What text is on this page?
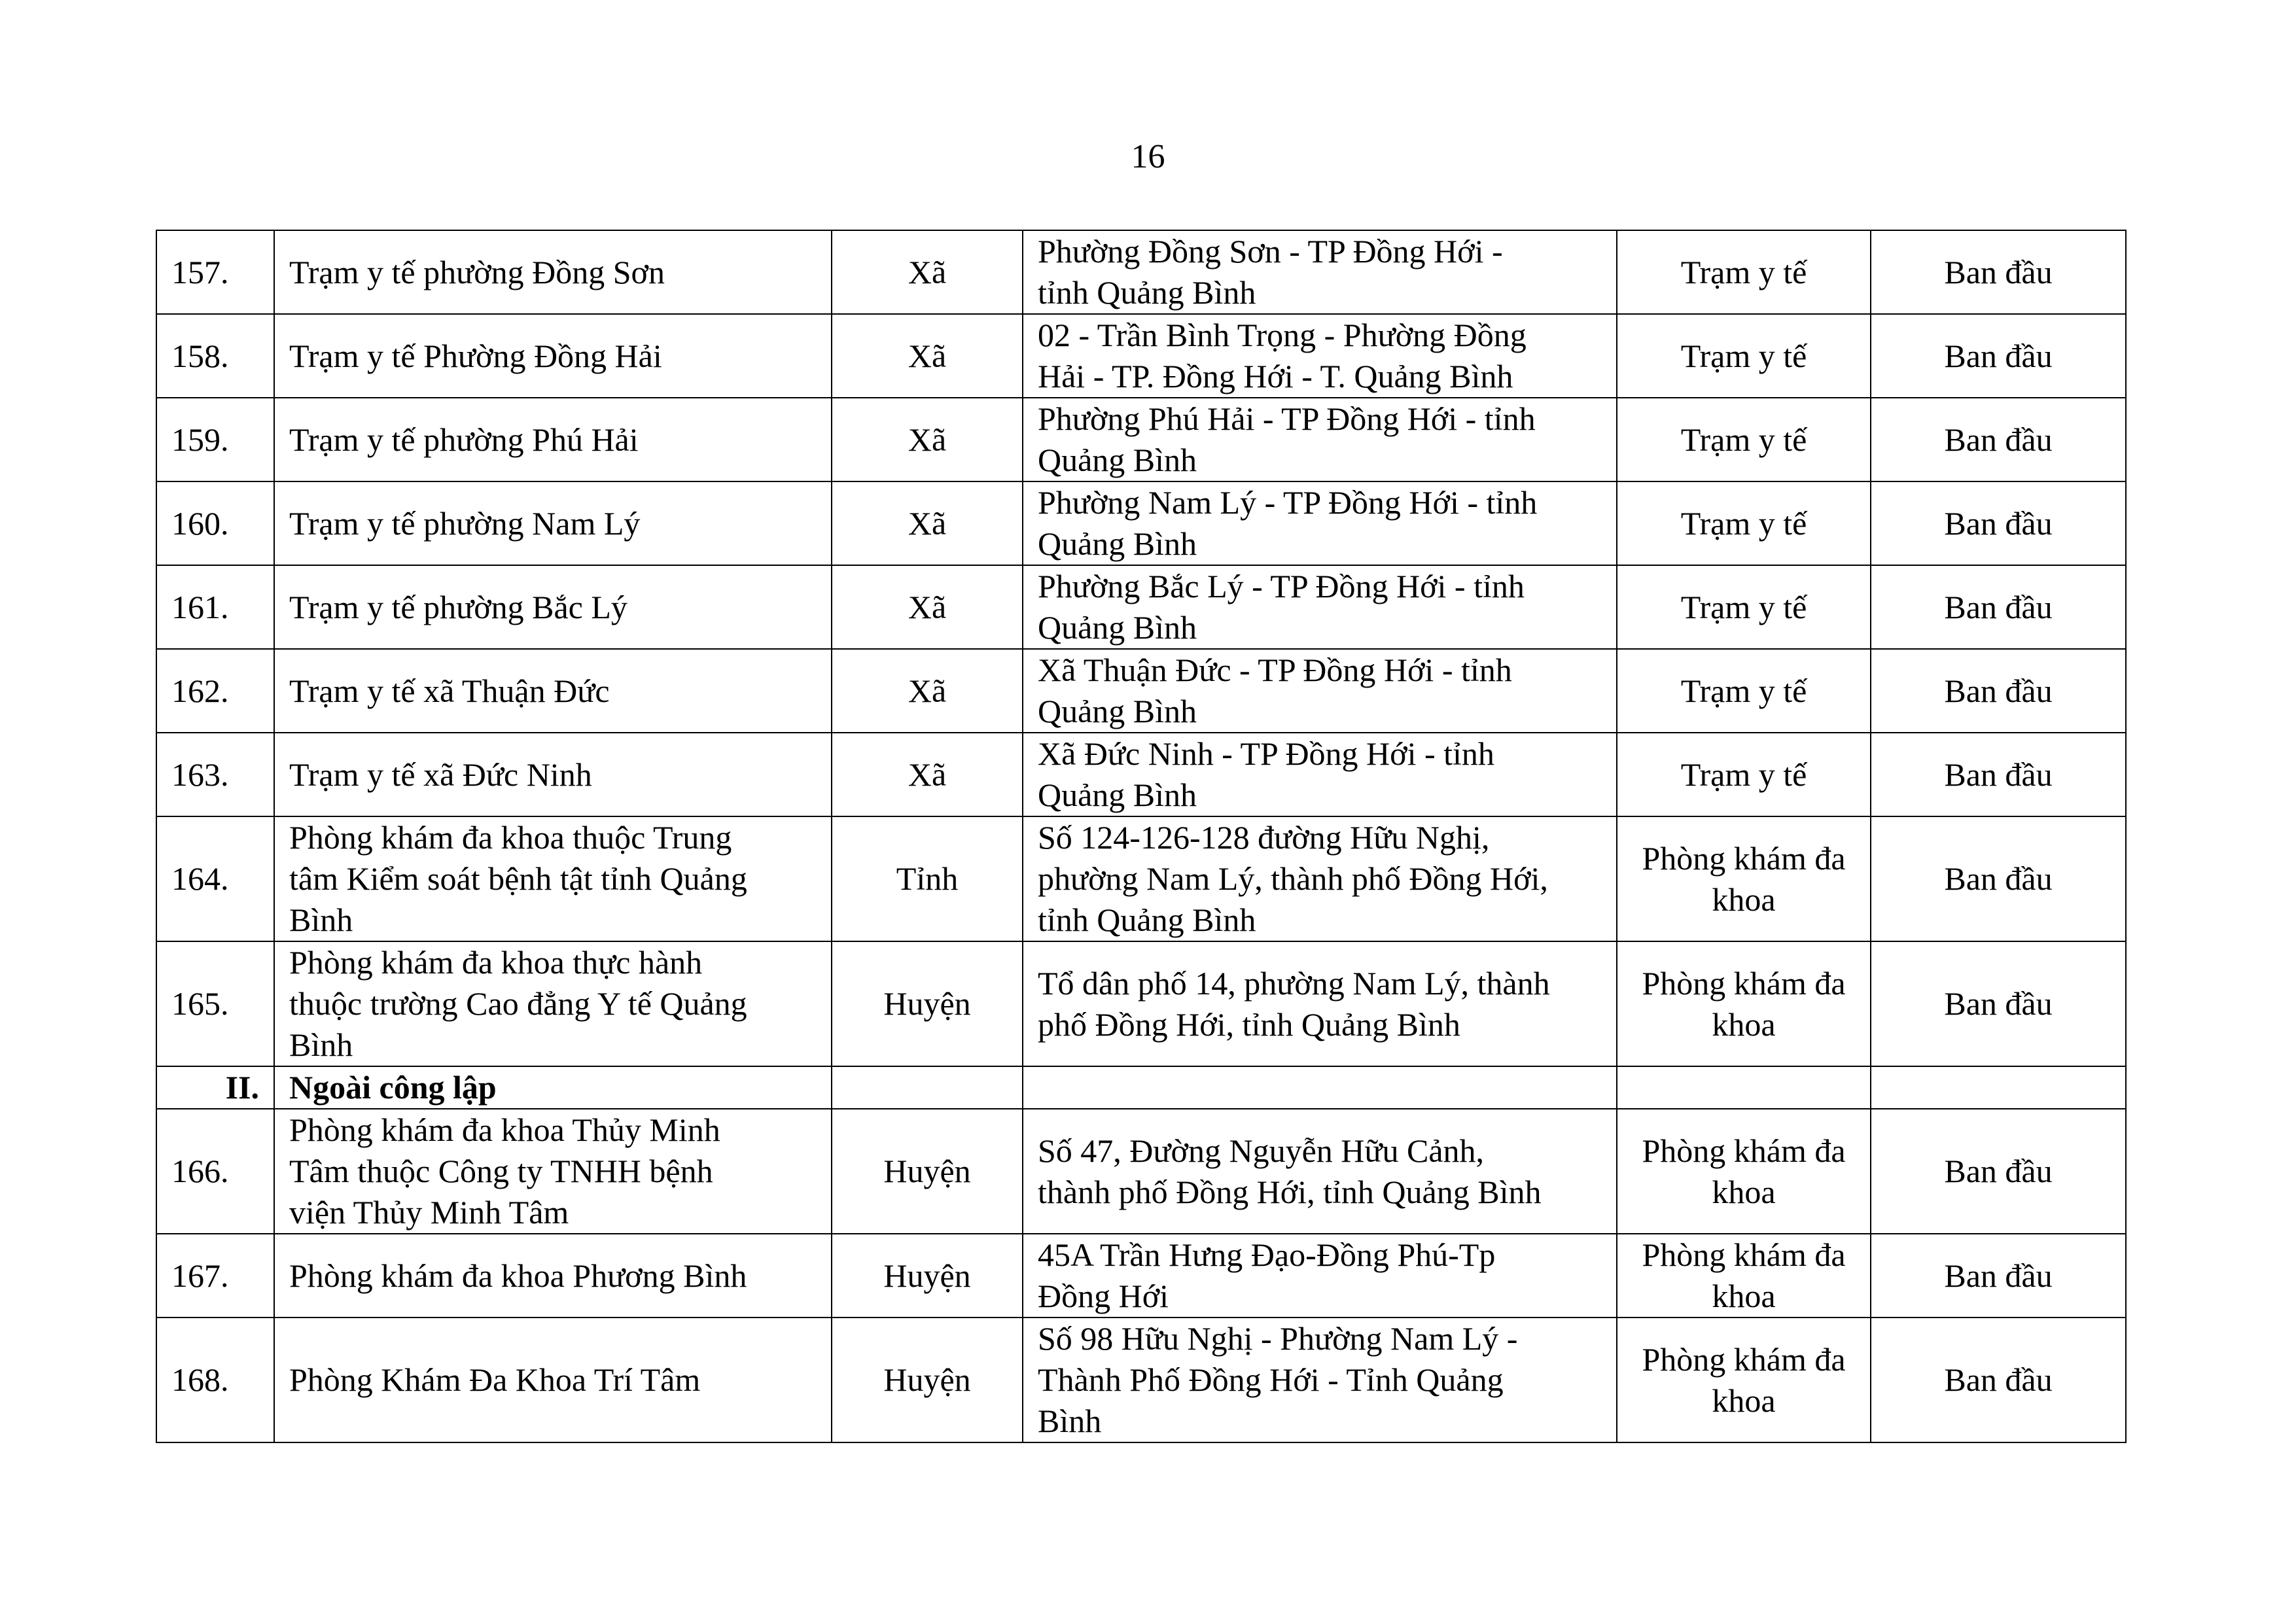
16
157.	Trạm y tế phường Đồng Sơn	Xã	Phường Đồng Sơn - TP Đồng Hới -
tỉnh Quảng Bình	Trạm y tế	Ban đầu
158.	Trạm y tế Phường Đồng Hải	Xã	02 - Trần Bình Trọng - Phường Đồng
Hải - TP. Đồng Hới - T. Quảng Bình	Trạm y tế	Ban đầu
159.	Trạm y tế phường Phú Hải	Xã	Phường Phú Hải - TP Đồng Hới - tỉnh
Quảng Bình	Trạm y tế	Ban đầu
160.	Trạm y tế phường Nam Lý	Xã	Phường Nam Lý - TP Đồng Hới - tỉnh
Quảng Bình	Trạm y tế	Ban đầu
161.	Trạm y tế phường Bắc Lý	Xã	Phường Bắc Lý - TP Đồng Hới - tỉnh
Quảng Bình	Trạm y tế	Ban đầu
162.	Trạm y tế xã Thuận Đức	Xã	Xã Thuận Đức - TP Đồng Hới - tỉnh
Quảng Bình	Trạm y tế	Ban đầu
163.	Trạm y tế xã Đức Ninh	Xã	Xã Đức Ninh - TP Đồng Hới - tỉnh
Quảng Bình	Trạm y tế	Ban đầu
164.	Phòng khám đa khoa thuộc Trung
tâm Kiểm soát bệnh tật tỉnh Quảng
Bình	Tỉnh	Số 124-126-128 đường Hữu Nghị,
phường Nam Lý, thành phố Đồng Hới,
tỉnh Quảng Bình	Phòng khám đa
khoa	Ban đầu
165.	Phòng khám đa khoa thực hành
thuộc trường Cao đẳng Y tế Quảng
Bình	Huyện	Tổ dân phố 14, phường Nam Lý, thành
phố Đồng Hới, tỉnh Quảng Bình	Phòng khám đa
khoa	Ban đầu
II.	Ngoài công lập				
166.	Phòng khám đa khoa Thủy Minh
Tâm thuộc Công ty TNHH bệnh
viện Thủy Minh Tâm	Huyện	Số 47, Đường Nguyễn Hữu Cảnh,
thành phố Đồng Hới, tỉnh Quảng Bình	Phòng khám đa
khoa	Ban đầu
167.	Phòng khám đa khoa Phương Bình	Huyện	45A Trần Hưng Đạo-Đồng Phú-Tp
Đồng Hới	Phòng khám đa
khoa	Ban đầu
168.	Phòng Khám Đa Khoa Trí Tâm	Huyện	Số 98 Hữu Nghị - Phường Nam Lý -
Thành Phố Đồng Hới - Tỉnh Quảng
Bình	Phòng khám đa
khoa	Ban đầu
